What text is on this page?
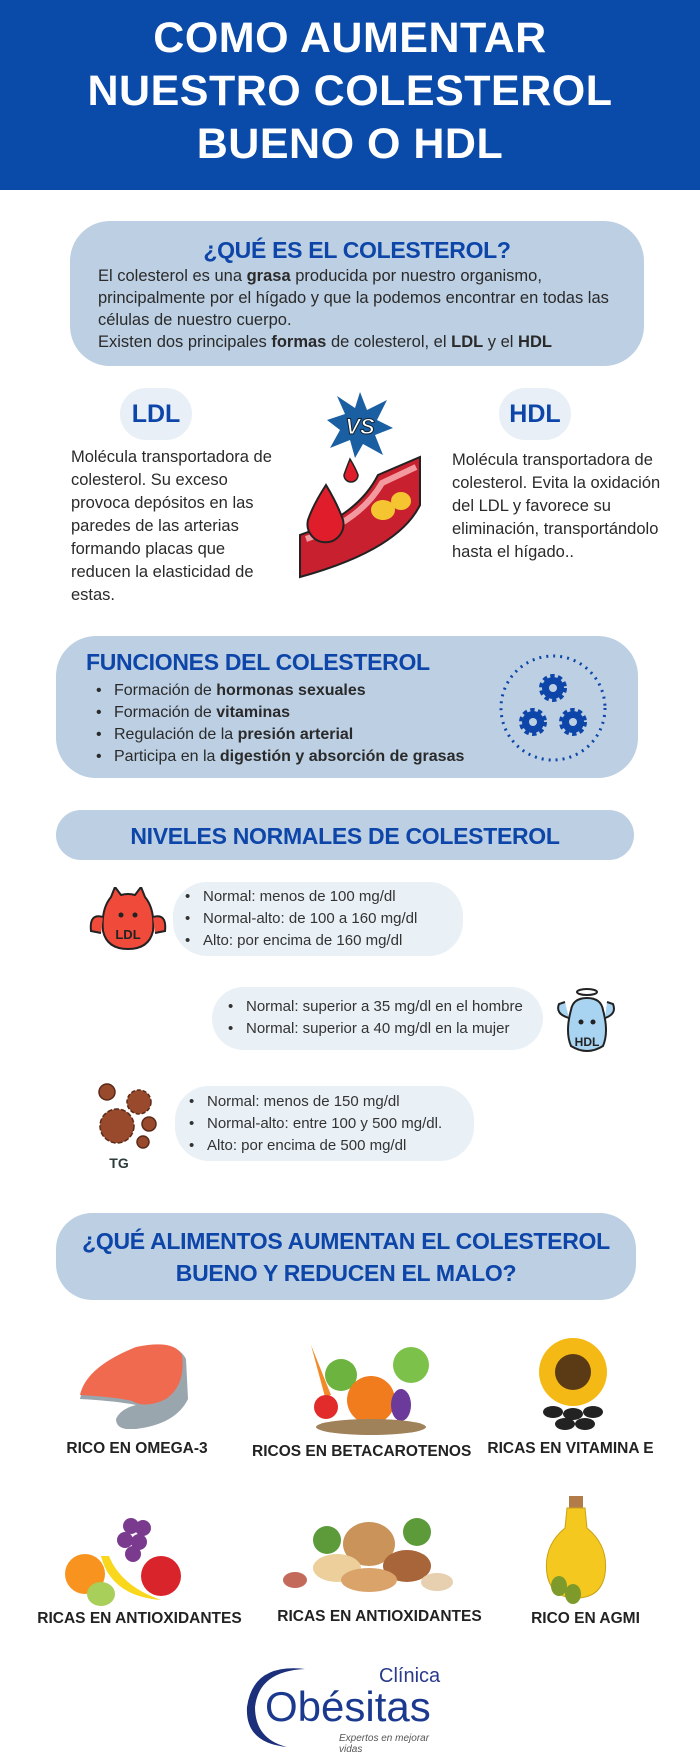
COMO AUMENTAR
NUESTRO COLESTEROL
BUENO O HDL
¿QUÉ ES EL COLESTEROL?
El colesterol es una grasa producida por nuestro organismo, principalmente por el hígado y que la podemos encontrar en todas las células de nuestro cuerpo.
Existen dos principales formas de colesterol, el LDL y el HDL
LDL	HDL
Molécula transportadora de colesterol. Su exceso provoca depósitos en las paredes de las arterias formando placas que reducen la elasticidad de estas.
Molécula transportadora de colesterol. Evita la oxidación del LDL y favorece su eliminación, transportándolo hasta el hígado..
VS
FUNCIONES DEL COLESTEROL
• Formación de hormonas sexuales
• Formación de vitaminas
• Regulación de la presión arterial
• Participa en la digestión y absorción de grasas
NIVELES NORMALES DE COLESTEROL
LDL
• Normal: menos de 100 mg/dl
• Normal-alto: de 100 a 160 mg/dl
• Alto: por encima de 160 mg/dl
• Normal: superior a 35 mg/dl en el hombre
• Normal: superior a 40 mg/dl en la mujer
HDL
TG
• Normal: menos de 150 mg/dl
• Normal-alto: entre 100 y 500 mg/dl.
• Alto: por encima de 500 mg/dl
¿QUÉ ALIMENTOS AUMENTAN EL COLESTEROL
BUENO Y REDUCEN EL MALO?
RICO EN OMEGA-3	RICOS EN BETACAROTENOS RICAS EN VITAMINA E
RICAS EN ANTIOXIDANTES RICAS EN ANTIOXIDANTES	RICO EN AGMI
Clínica
Obésitas
Expertos en mejorar vidas
